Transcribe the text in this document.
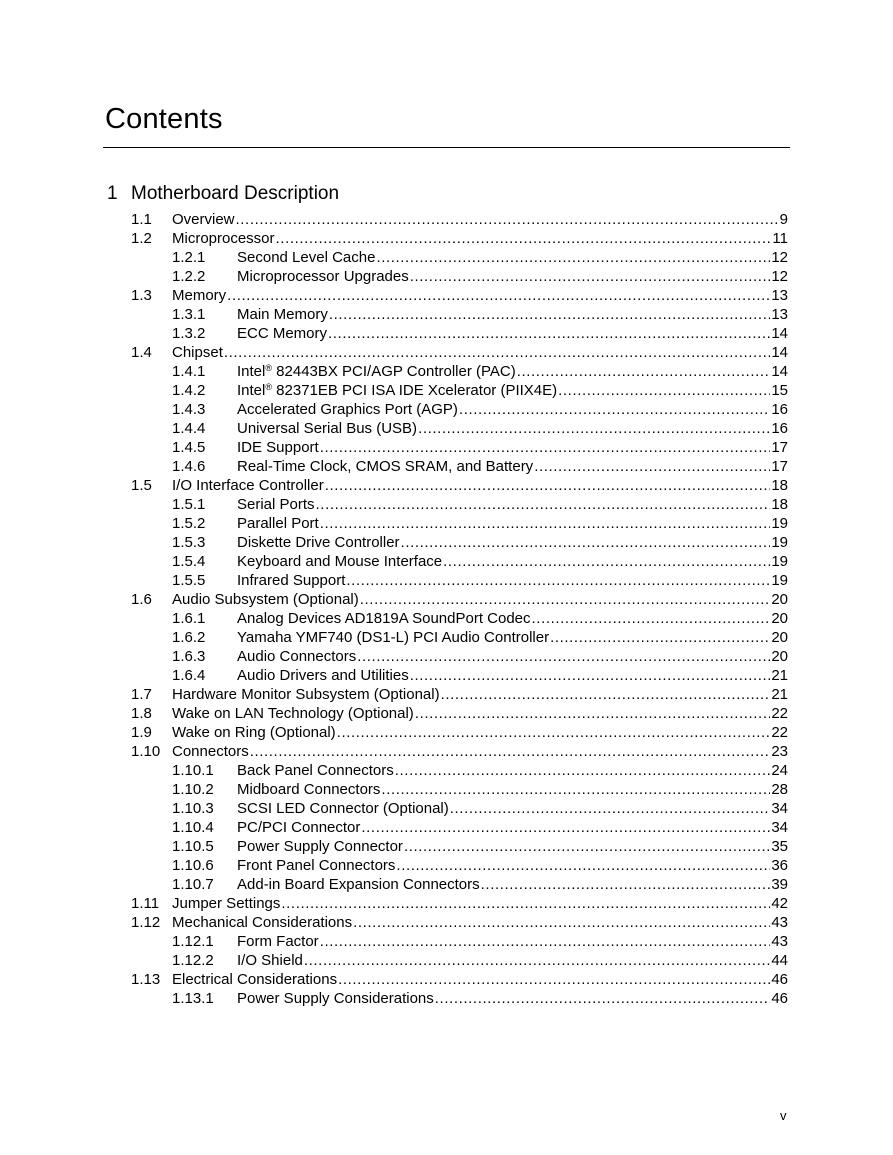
Contents
1 Motherboard Description
1.1	Overview .....	9
1.2	Microprocessor .....	11
1.2.1	Second Level Cache .....	12
1.2.2	Microprocessor Upgrades .....	12
1.3	Memory .....	13
1.3.1	Main Memory .....	13
1.3.2	ECC Memory .....	14
1.4	Chipset .....	14
1.4.1	Intel® 82443BX PCI/AGP Controller (PAC) .....	14
1.4.2	Intel® 82371EB PCI ISA IDE Xcelerator (PIIX4E) .....	15
1.4.3	Accelerated Graphics Port (AGP) .....	16
1.4.4	Universal Serial Bus (USB) .....	16
1.4.5	IDE Support .....	17
1.4.6	Real-Time Clock, CMOS SRAM, and Battery .....	17
1.5	I/O Interface Controller .....	18
1.5.1	Serial Ports .....	18
1.5.2	Parallel Port .....	19
1.5.3	Diskette Drive Controller .....	19
1.5.4	Keyboard and Mouse Interface .....	19
1.5.5	Infrared Support .....	19
1.6	Audio Subsystem (Optional) .....	20
1.6.1	Analog Devices AD1819A SoundPort Codec .....	20
1.6.2	Yamaha YMF740 (DS1-L) PCI Audio Controller .....	20
1.6.3	Audio Connectors .....	20
1.6.4	Audio Drivers and Utilities .....	21
1.7	Hardware Monitor Subsystem (Optional) .....	21
1.8	Wake on LAN Technology (Optional) .....	22
1.9	Wake on Ring (Optional) .....	22
1.10 Connectors .....	23
1.10.1	Back Panel Connectors .....	24
1.10.2	Midboard Connectors .....	28
1.10.3	SCSI LED Connector (Optional) .....	34
1.10.4	PC/PCI Connector .....	34
1.10.5	Power Supply Connector .....	35
1.10.6	Front Panel Connectors .....	36
1.10.7	Add-in Board Expansion Connectors .....	39
1.11 Jumper Settings .....	42
1.12 Mechanical Considerations .....	43
1.12.1	Form Factor .....	43
1.12.2	I/O Shield .....	44
1.13 Electrical Considerations .....	46
1.13.1	Power Supply Considerations .....	46
v
